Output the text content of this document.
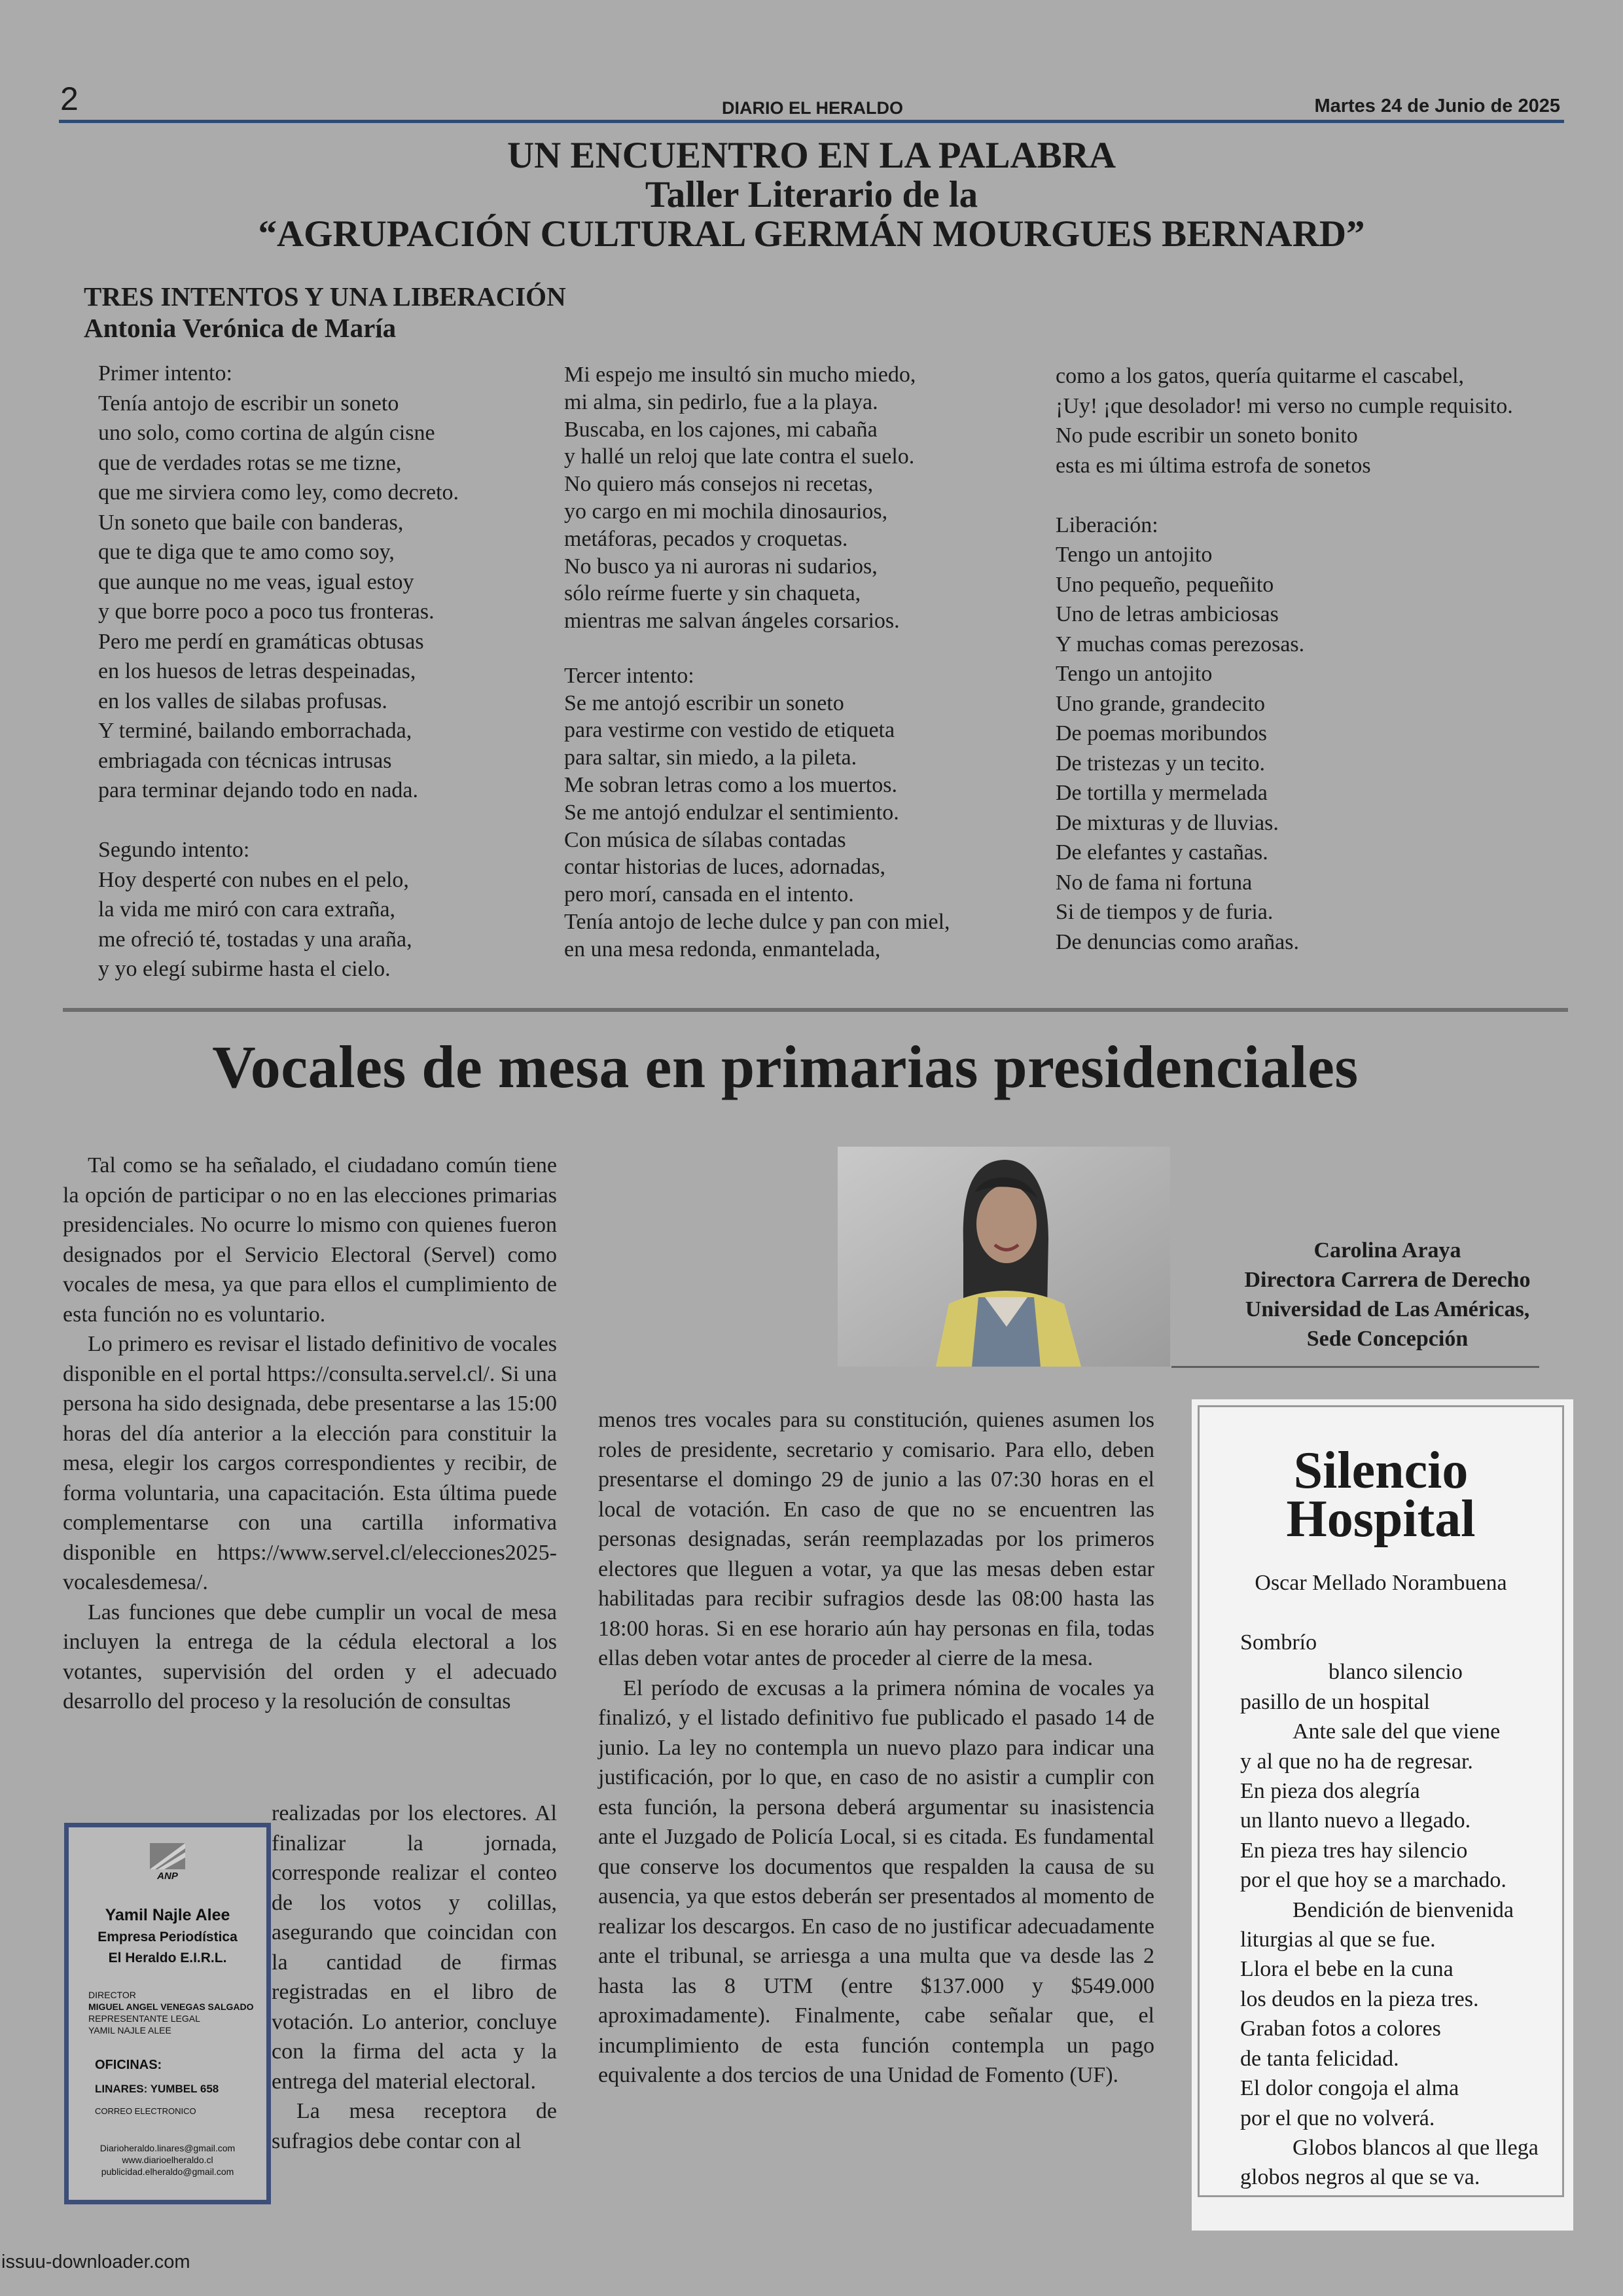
2	DIARIO EL HERALDO	Martes 24 de Junio de 2025
UN ENCUENTRO EN LA PALABRA
Taller Literario de la
“AGRUPACIÓN CULTURAL GERMÁN MOURGUES BERNARD”
TRES INTENTOS Y UNA LIBERACIÓN
Antonia Verónica de María
Primer intento:
Tenía antojo de escribir un soneto
uno solo, como cortina de algún cisne
que de verdades rotas se me tizne,
que me sirviera como ley, como decreto.
Un soneto que baile con banderas,
que te diga que te amo como soy,
que aunque no me veas, igual estoy
y que borre poco a poco tus fronteras.
Pero me perdí en gramáticas obtusas
en los huesos de letras despeinadas,
en los valles de silabas profusas.
Y terminé, bailando emborrachada,
embriagada con técnicas intrusas
para terminar dejando todo en nada.

Segundo intento:
Hoy desperté con nubes en el pelo,
la vida me miró con cara extraña,
me ofreció té, tostadas y una araña,
y yo elegí subirme hasta el cielo.
Mi espejo me insultó sin mucho miedo,
mi alma, sin pedirlo, fue a la playa.
Buscaba, en los cajones, mi cabaña
y hallé un reloj que late contra el suelo.
No quiero más consejos ni recetas,
yo cargo en mi mochila dinosaurios,
metáforas, pecados y croquetas.
No busco ya ni auroras ni sudarios,
sólo reírme fuerte y sin chaqueta,
mientras me salvan ángeles corsarios.

Tercer intento:
Se me antojó escribir un soneto
para vestirme con vestido de etiqueta
para saltar, sin miedo, a la pileta.
Me sobran letras como a los muertos.
Se me antojó endulzar el sentimiento.
Con música de sílabas contadas
contar historias de luces, adornadas,
pero morí, cansada en el intento.
Tenía antojo de leche dulce y pan con miel,
en una mesa redonda, enmantelada,
como a los gatos, quería quitarme el cascabel,
¡Uy! ¡que desolador! mi verso no cumple requisito.
No pude escribir un soneto bonito
esta es mi última estrofa de sonetos

Liberación:
Tengo un antojito
Uno pequeño, pequeñito
Uno de letras ambiciosas
Y muchas comas perezosas.
Tengo un antojito
Uno grande, grandecito
De poemas moribundos
De tristezas y un tecito.
De tortilla y mermelada
De mixturas y de lluvias.
De elefantes y castañas.
No de fama ni fortuna
Si de tiempos y de furia.
De denuncias como arañas.
Vocales de mesa en primarias presidenciales

Tal como se ha señalado, el ciudadano común tiene la opción de participar o no en las elecciones primarias presidenciales. No ocurre lo mismo con quienes fueron designados por el Servicio Electoral (Servel) como vocales de mesa, ya que para ellos el cumplimiento de esta función no es voluntario.

Lo primero es revisar el listado definitivo de vocales disponible en el portal https://consulta.servel.cl/. Si una persona ha sido designada, debe presentarse a las 15:00 horas del día anterior a la elección para constituir la mesa, elegir los cargos correspondientes y recibir, de forma voluntaria, una capacitación. Esta última puede complementarse con una cartilla informativa disponible en https://www.servel.cl/elecciones2025-vocalesdemesa/.

Las funciones que debe cumplir un vocal de mesa incluyen la entrega de la cédula electoral a los votantes, supervisión del orden y el adecuado desarrollo del proceso y la resolución de consultas

realizadas por los electores. Al finalizar la jornada, corresponde realizar el conteo de los votos y colillas, asegurando que coincidan con la cantidad de firmas registradas en el libro de votación. Lo anterior, concluye con la firma del acta y la entrega del material electoral.

La mesa receptora de sufragios debe contar con al

menos tres vocales para su constitución, quienes asumen los roles de presidente, secretario y comisario. Para ello, deben presentarse el domingo 29 de junio a las 07:30 horas en el local de votación. En caso de que no se encuentren las personas designadas, serán reemplazadas por los primeros electores que lleguen a votar, ya que las mesas deben estar habilitadas para recibir sufragios desde las 08:00 hasta las 18:00 horas. Si en ese horario aún hay personas en fila, todas ellas deben votar antes de proceder al cierre de la mesa.

El período de excusas a la primera nómina de vocales ya finalizó, y el listado definitivo fue publicado el pasado 14 de junio. La ley no contempla un nuevo plazo para indicar una justificación, por lo que, en caso de no asistir a cumplir con esta función, la persona deberá argumentar su inasistencia ante el Juzgado de Policía Local, si es citada. Es fundamental que conserve los documentos que respalden la causa de su ausencia, ya que estos deberán ser presentados al momento de realizar los descargos. En caso de no justificar adecuadamente ante el tribunal, se arriesga a una multa que va desde las 2 hasta las 8 UTM (entre $137.000 y $549.000 aproximadamente). Finalmente, cabe señalar que, el incumplimiento de esta función contempla un pago equivalente a dos tercios de una Unidad de Fomento (UF).

Carolina Araya
Directora Carrera de Derecho
Universidad de Las Américas,
Sede Concepción
ANP
Yamil Najle Alee
Empresa Periodística
El Heraldo E.I.R.L.
DIRECTOR
MIGUEL ANGEL VENEGAS SALGADO
REPRESENTANTE LEGAL
YAMIL NAJLE ALEE
OFICINAS:
LINARES: YUMBEL 658
CORREO ELECTRONICO
Diarioheraldo.linares@gmail.com
www.diarioelheraldo.cl
publicidad.elheraldo@gmail.com
Silencio
Hospital
Oscar Mellado Norambuena
Sombrío
blanco silencio
pasillo de un hospital
Ante sale del que viene
y al que no ha de regresar.
En pieza dos alegría
un llanto nuevo a llegado.
En pieza tres hay silencio
por el que hoy se a marchado.
Bendición de bienvenida
liturgias al que se fue.
Llora el bebe en la cuna
los deudos en la pieza tres.
Graban fotos a colores
de tanta felicidad.
El dolor congoja el alma
por el que no volverá.
Globos blancos al que llega
globos negros al que se va.
issuu-downloader.com
